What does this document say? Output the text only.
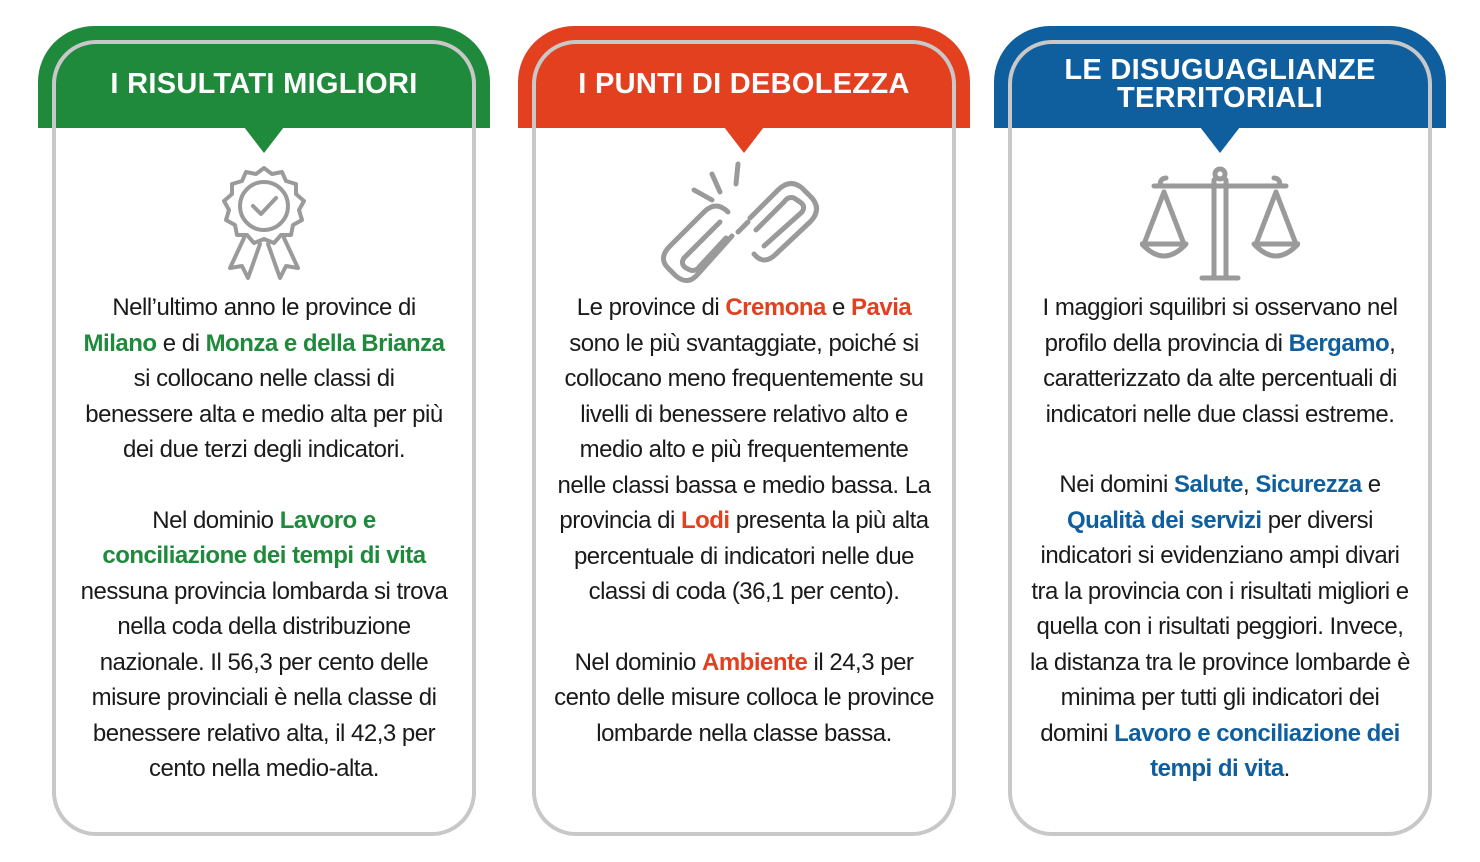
I RISULTATI MIGLIORI

Nell’ultimo anno le province di Milano e di Monza e della Brianza si collocano nelle classi di benessere alta e medio alta per più dei due terzi degli indicatori.

Nel dominio Lavoro e conciliazione dei tempi di vita nessuna provincia lombarda si trova nella coda della distribuzione nazionale. Il 56,3 per cento delle misure provinciali è nella classe di benessere relativo alta, il 42,3 per cento nella medio-alta.

I PUNTI DI DEBOLEZZA

Le province di Cremona e Pavia sono le più svantaggiate, poiché si collocano meno frequentemente su livelli di benessere relativo alto e medio alto e più frequentemente nelle classi bassa e medio bassa. La provincia di Lodi presenta la più alta percentuale di indicatori nelle due classi di coda (36,1 per cento).

Nel dominio Ambiente il 24,3 per cento delle misure colloca le province lombarde nella classe bassa.

LE DISUGUAGLIANZE
TERRITORIALI

I maggiori squilibri si osservano nel profilo della provincia di Bergamo, caratterizzato da alte percentuali di indicatori nelle due classi estreme.

Nei domini Salute, Sicurezza e Qualità dei servizi per diversi indicatori si evidenziano ampi divari tra la provincia con i risultati migliori e quella con i risultati peggiori. Invece, la distanza tra le province lombarde è minima per tutti gli indicatori dei domini Lavoro e conciliazione dei tempi di vita.
